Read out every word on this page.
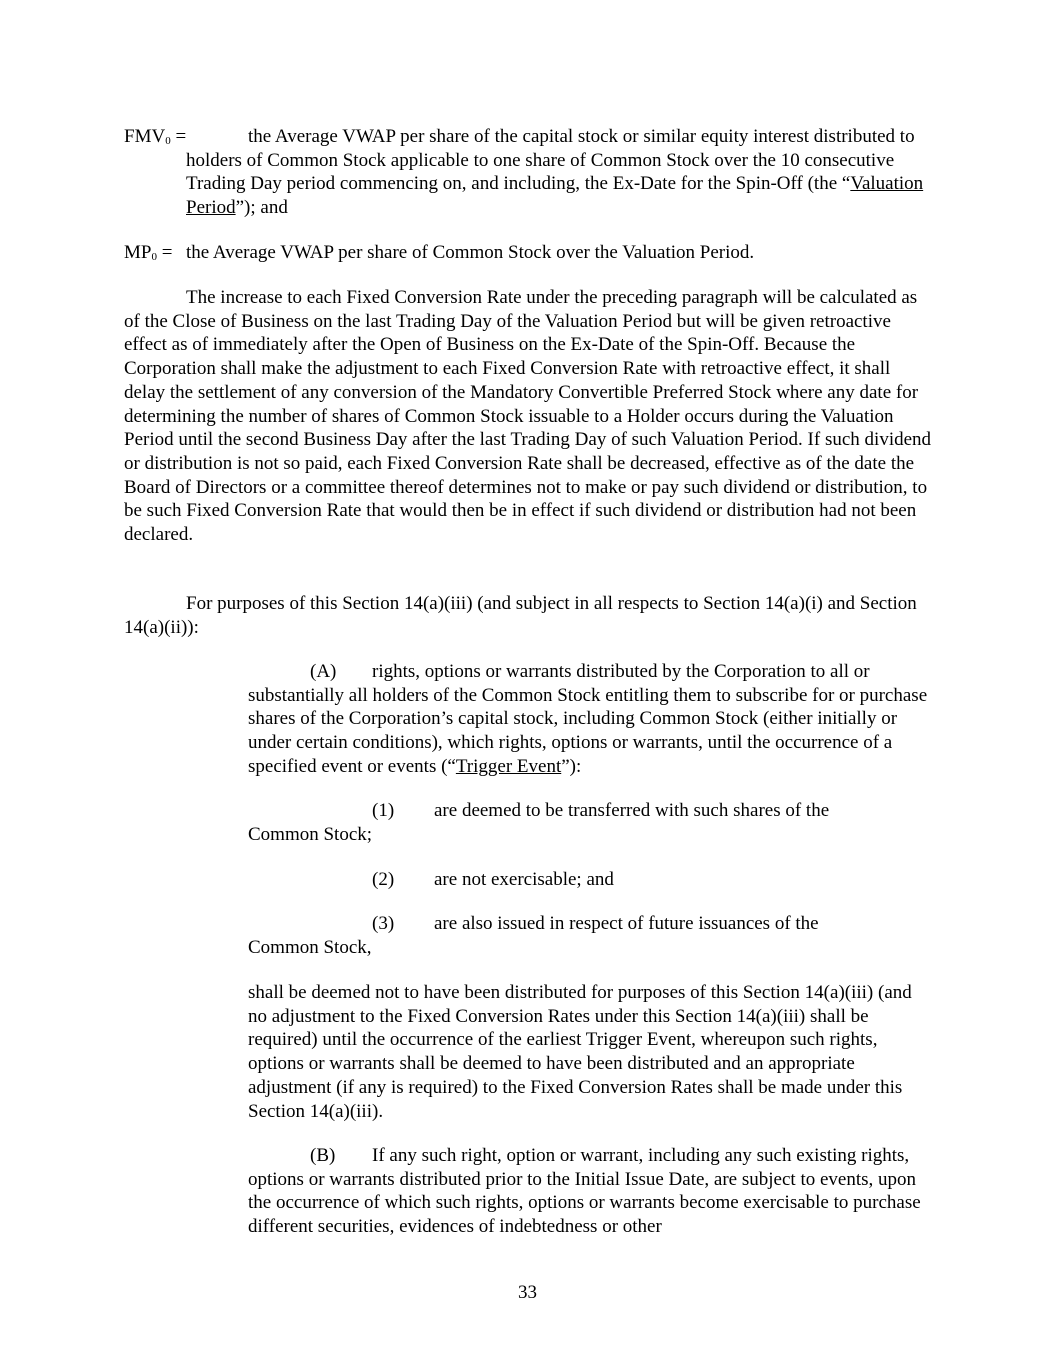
$FMV_0$ =	the Average VWAP per share of the capital stock or similar equity interest distributed to holders of Common Stock applicable to one share of Common Stock over the 10 consecutive Trading Day period commencing on, and including, the Ex-Date for the Spin-Off (the “Valuation Period”); and

$MP_0$ = the Average VWAP per share of Common Stock over the Valuation Period.

The increase to each Fixed Conversion Rate under the preceding paragraph will be calculated as of the Close of Business on the last Trading Day of the Valuation Period but will be given retroactive effect as of immediately after the Open of Business on the Ex-Date of the Spin-Off. Because the Corporation shall make the adjustment to each Fixed Conversion Rate with retroactive effect, it shall delay the settlement of any conversion of the Mandatory Convertible Preferred Stock where any date for determining the number of shares of Common Stock issuable to a Holder occurs during the Valuation Period until the second Business Day after the last Trading Day of such Valuation Period. If such dividend or distribution is not so paid, each Fixed Conversion Rate shall be decreased, effective as of the date the Board of Directors or a committee thereof determines not to make or pay such dividend or distribution, to be such Fixed Conversion Rate that would then be in effect if such dividend or distribution had not been declared.

For purposes of this Section 14(a)(iii) (and subject in all respects to Section 14(a)(i) and Section 14(a)(ii)):

(A) rights, options or warrants distributed by the Corporation to all or substantially all holders of the Common Stock entitling them to subscribe for or purchase shares of the Corporation’s capital stock, including Common Stock (either initially or under certain conditions), which rights, options or warrants, until the occurrence of a specified event or events (“Trigger Event”):

(1) are deemed to be transferred with such shares of the Common Stock;

(2) are not exercisable; and

(3) are also issued in respect of future issuances of the Common Stock,

shall be deemed not to have been distributed for purposes of this Section 14(a)(iii) (and no adjustment to the Fixed Conversion Rates under this Section 14(a)(iii) shall be required) until the occurrence of the earliest Trigger Event, whereupon such rights, options or warrants shall be deemed to have been distributed and an appropriate adjustment (if any is required) to the Fixed Conversion Rates shall be made under this Section 14(a)(iii).

(B) If any such right, option or warrant, including any such existing rights, options or warrants distributed prior to the Initial Issue Date, are subject to events, upon the occurrence of which such rights, options or warrants become exercisable to purchase different securities, evidences of indebtedness or other

33
